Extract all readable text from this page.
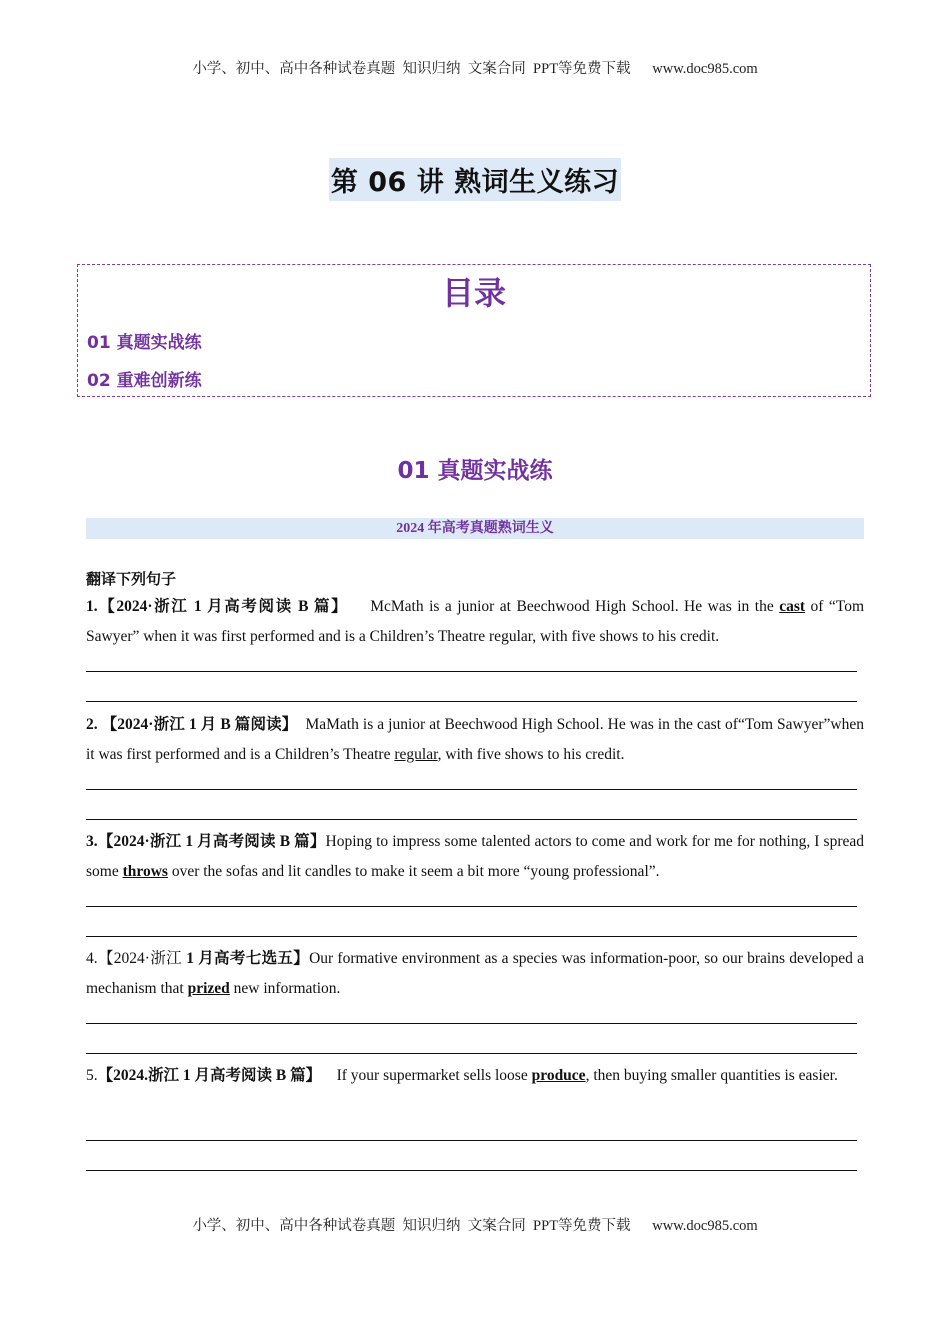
小学、初中、高中各种试卷真题  知识归纳  文案合同  PPT等免费下载      www.doc985.com
第 06 讲 熟词生义练习
目录
01 真题实战练
02 重难创新练
01 真题实战练
2024 年高考真题熟词生义
翻译下列句子
1.【2024·浙江 1 月高考阅读 B 篇】 McMath is a junior at Beechwood High School. He was in the cast of “Tom Sawyer” when it was first performed and is a Children’s Theatre regular, with five shows to his credit.
2. 【2024·浙江 1 月 B 篇阅读】 MaMath is a junior at Beechwood High School. He was in the cast of“Tom Sawyer”when it was first performed and is a Children’s Theatre regular, with five shows to his credit.
3.【2024·浙江 1 月高考阅读 B 篇】Hoping to impress some talented actors to come and work for me for nothing, I spread some throws over the sofas and lit candles to make it seem a bit more “young professional”.
4.【2024·浙江 1 月高考七选五】Our formative environment as a species was information-poor, so our brains developed a mechanism that prized new information.
5.【2024.浙江 1 月高考阅读 B 篇】 If your supermarket sells loose produce, then buying smaller quantities is easier.
小学、初中、高中各种试卷真题  知识归纳  文案合同  PPT等免费下载      www.doc985.com
